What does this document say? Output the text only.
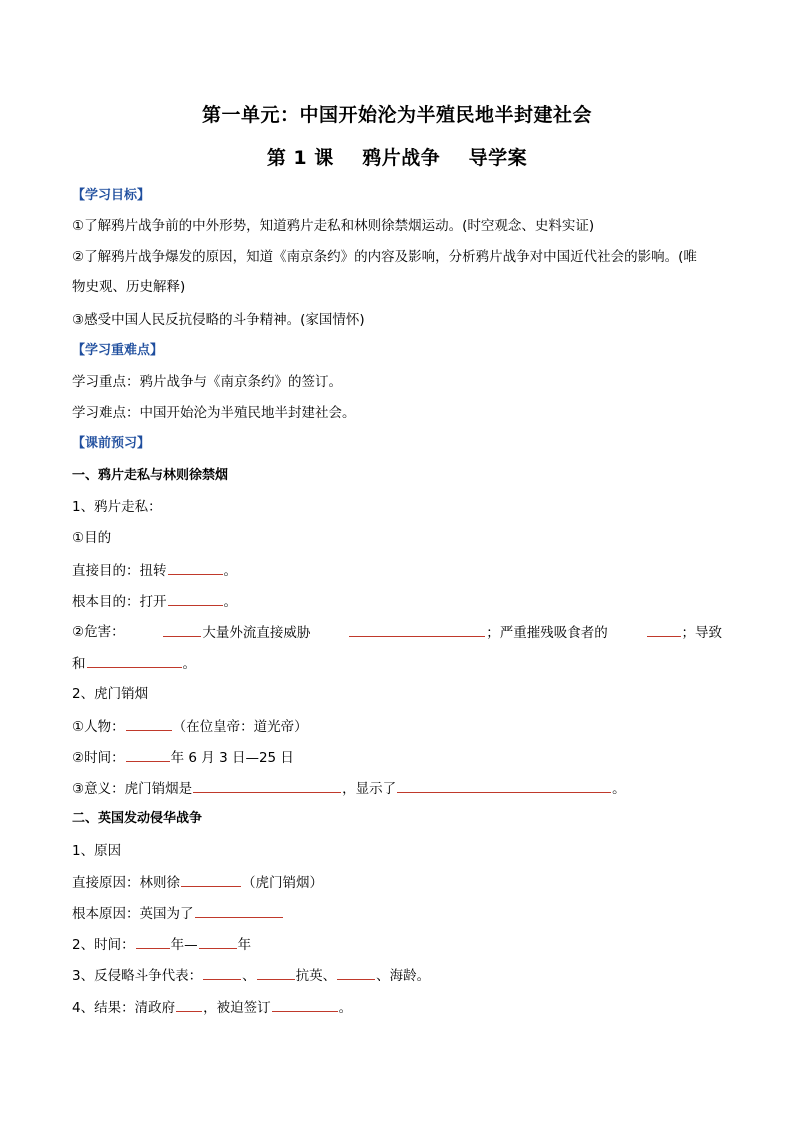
第一单元：中国开始沦为半殖民地半封建社会
第 1 课    鸦片战争    导学案
【学习目标】
①了解鸦片战争前的中外形势，知道鸦片走私和林则徐禁烟运动。(时空观念、史料实证)
②了解鸦片战争爆发的原因，知道《南京条约》的内容及影响，分析鸦片战争对中国近代社会的影响。(唯
物史观、历史解释)
③感受中国人民反抗侵略的斗争精神。(家国情怀)
【学习重难点】
学习重点：鸦片战争与《南京条约》的签订。
学习难点：中国开始沦为半殖民地半封建社会。
【课前预习】
一、鸦片走私与林则徐禁烟
1、鸦片走私：
①目的
直接目的：扭转	。
根本目的：打开	。
②危害：	大量外流直接威胁	；严重摧残吸食者的	；导致
和	。
2、虎门销烟
①人物：	（在位皇帝：道光帝）
②时间：	年 6 月 3 日—25 日
③意义：虎门销烟是	，显示了	。
二、英国发动侵华战争
1、原因
直接原因：林则徐	（虎门销烟）
根本原因：英国为了
2、时间：	年—	年
3、反侵略斗争代表：	、	抗英、	、海龄。
4、结果：清政府 ，被迫签订	。
